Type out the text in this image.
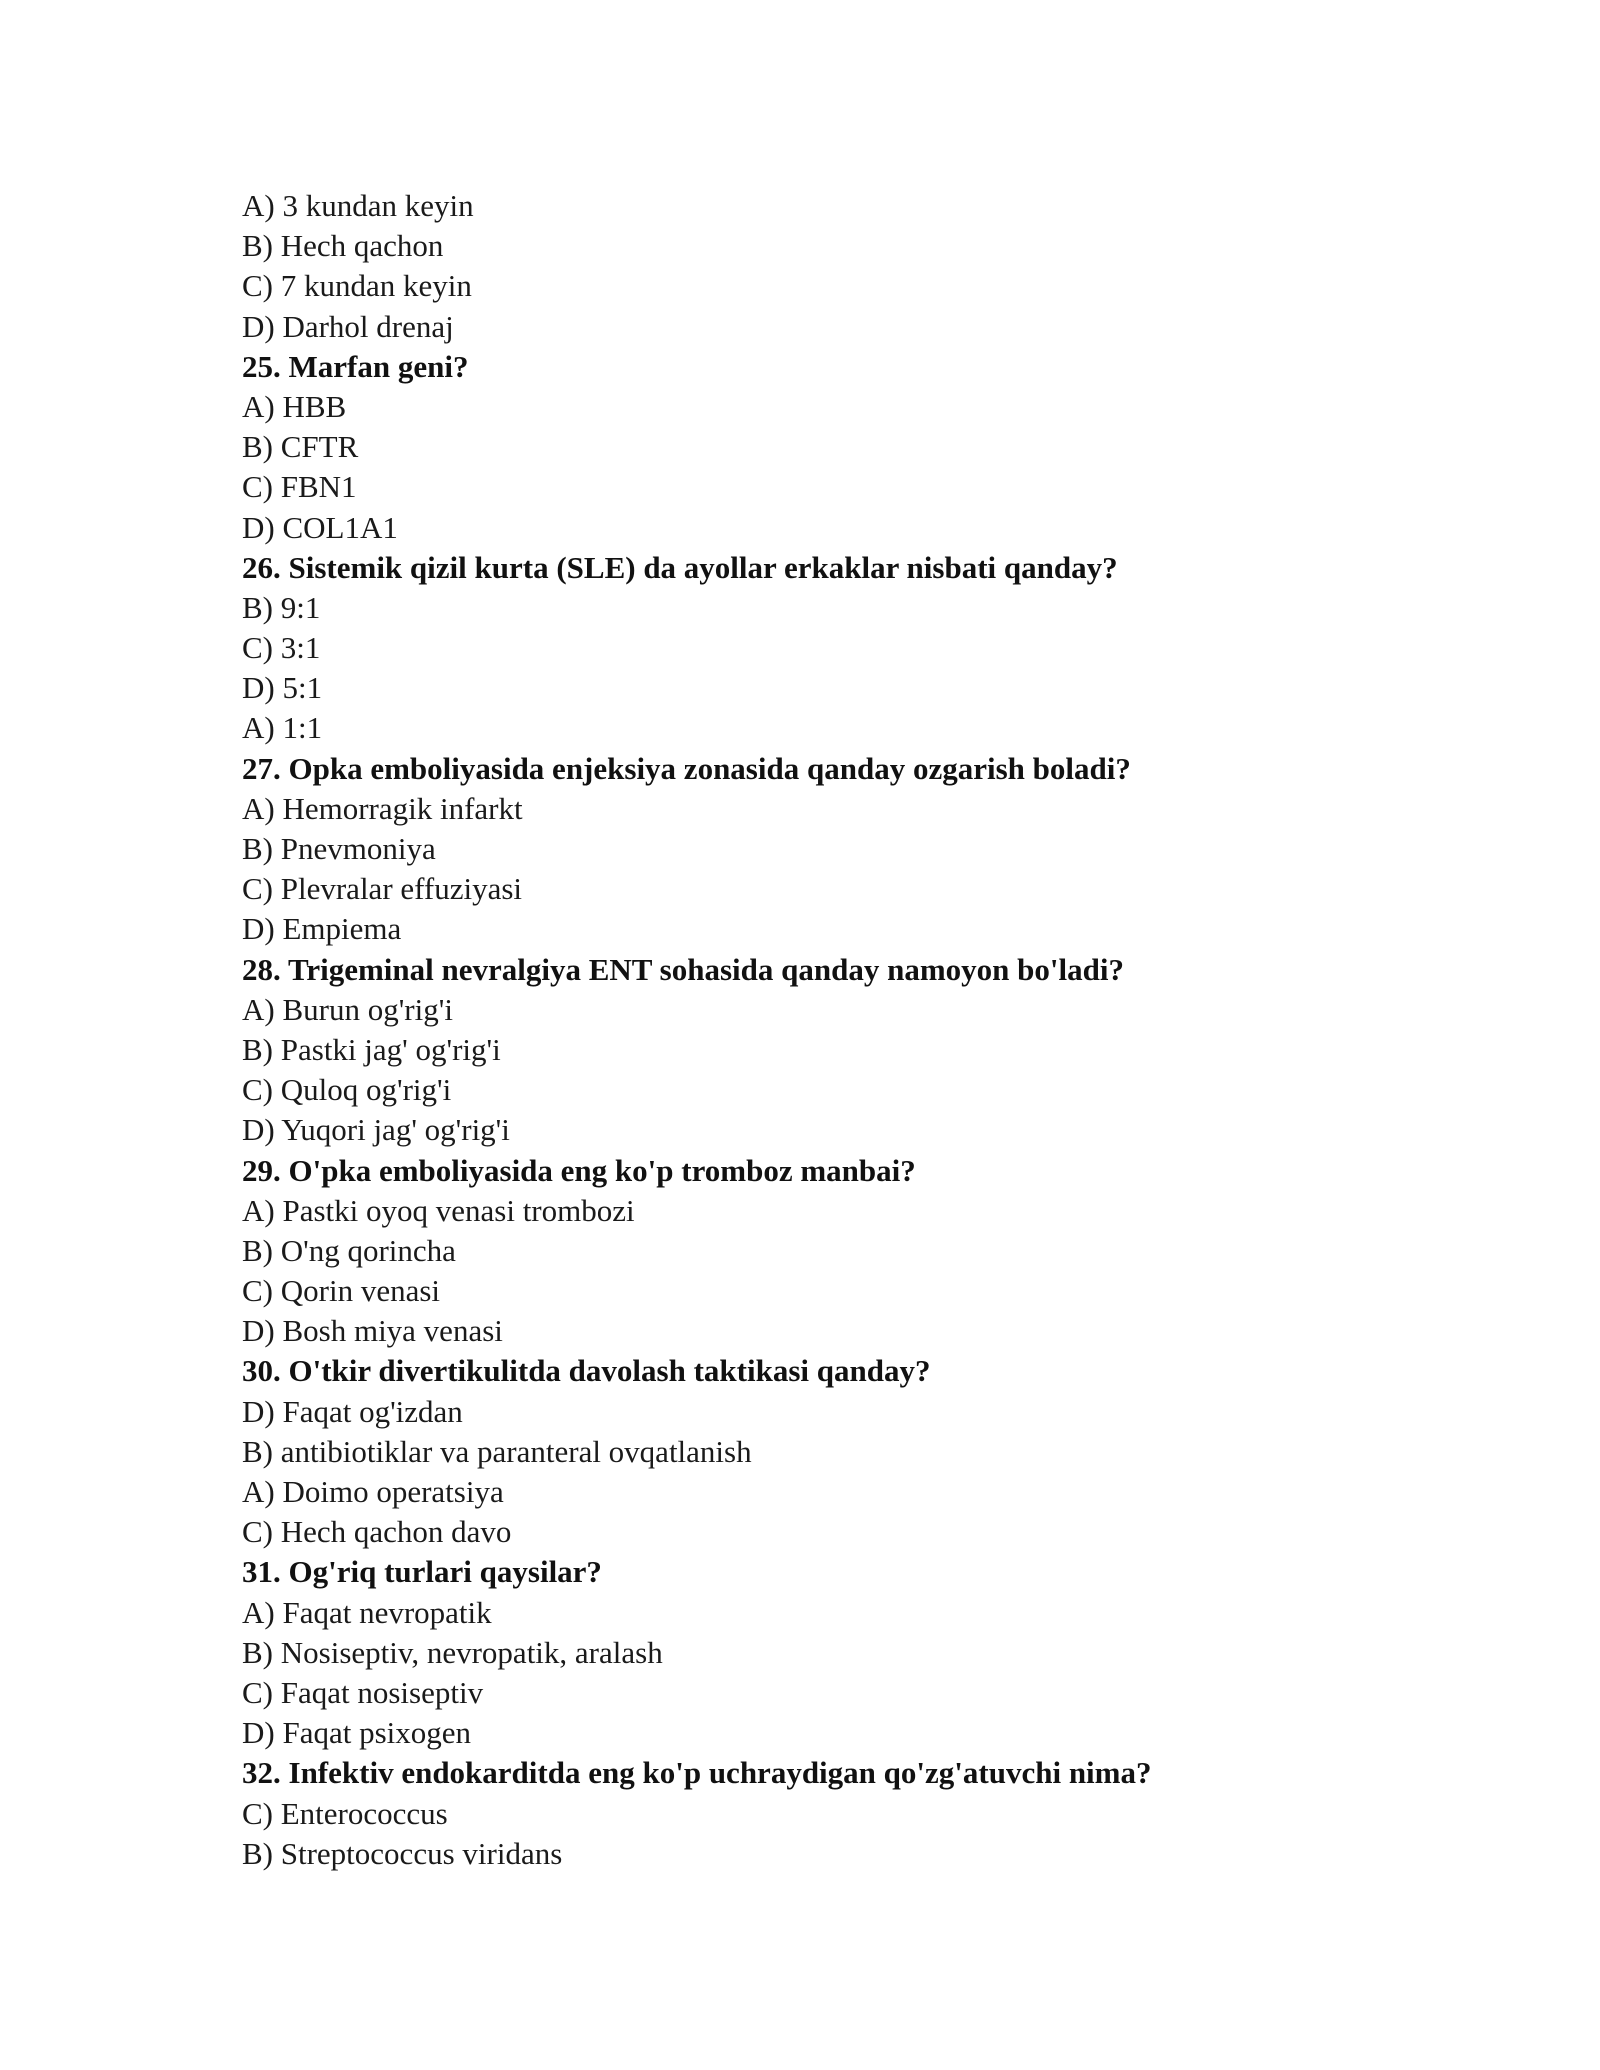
A) 3 kundan keyin
B) Hech qachon
C) 7 kundan keyin
D) Darhol drenaj
25. Marfan geni?
A) HBB
B) CFTR
C) FBN1
D) COL1A1
26. Sistemik qizil kurta (SLE) da ayollar erkaklar nisbati qanday?
B) 9:1
C) 3:1
D) 5:1
A) 1:1
27. Opka emboliyasida enjeksiya zonasida qanday ozgarish boladi?
A) Hemorragik infarkt
B) Pnevmoniya
C) Plevralar effuziyasi
D) Empiema
28. Trigeminal nevralgiya ENT sohasida qanday namoyon bo'ladi?
A) Burun og'rig'i
B) Pastki jag' og'rig'i
C) Quloq og'rig'i
D) Yuqori jag' og'rig'i
29. O'pka emboliyasida eng ko'p tromboz manbai?
A) Pastki oyoq venasi trombozi
B) O'ng qorincha
C) Qorin venasi
D) Bosh miya venasi
30. O'tkir divertikulitda davolash taktikasi qanday?
D) Faqat og'izdan
B) antibiotiklar va paranteral ovqatlanish
A) Doimo operatsiya
C) Hech qachon davo
31. Og'riq turlari qaysilar?
A) Faqat nevropatik
B) Nosiseptiv, nevropatik, aralash
C) Faqat nosiseptiv
D) Faqat psixogen
32. Infektiv endokarditda eng ko'p uchraydigan qo'zg'atuvchi nima?
C) Enterococcus
B) Streptococcus viridans
